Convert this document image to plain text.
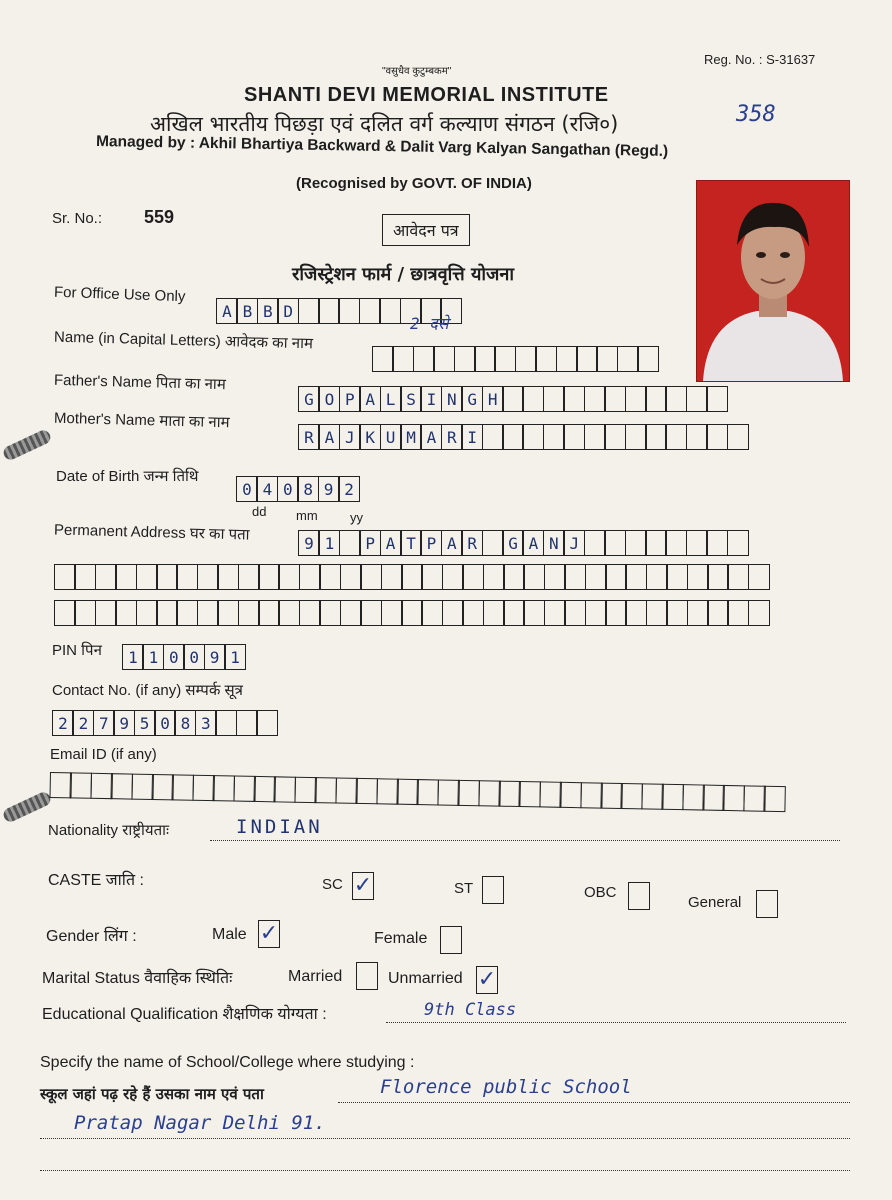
Reg. No. : S-31637
"वसुधैव कुटुम्बकम"
SHANTI DEVI MEMORIAL INSTITUTE
अखिल भारतीय पिछड़ा एवं दलित वर्ग कल्याण संगठन (रजि०)	358
Managed by : Akhil Bhartiya Backward & Dalit Varg Kalyan Sangathan (Regd.)
(Recognised by GOVT. OF INDIA)
Sr. No.: 559
आवेदन पत्र
रजिस्ट्रेशन फार्म / छात्रवृत्ति योजना
For Office Use Only
A B B D
2 दसे
Name (in Capital Letters) आवेदक का नाम
Father's Name पिता का नाम
G O P A L S I N G H
Mother's Name माता का नाम
R A J K U M A R I
Date of Birth जन्म तिथि
0 4 0 8 9 2
dd mm yy
Permanent Address घर का पता	9 1	P A T P A R	G A N J
PIN पिन	1 1 0 0 9 1
Contact No. (if any) सम्पर्क सूत्र
2 2 7 9 5 0 8 3
Email ID (if any)
Nationality राष्ट्रीयताः	INDIAN
CASTE जाति :	SC ✓	ST	OBC
General
Gender लिंग :	Male ✓	Female
Marital Status वैवाहिक स्थितिः	Married	Unmarried ✓
Educational Qualification शैक्षणिक योग्यता :	9th Class
Specify the name of School/College where studying :
स्कूल जहां पढ़ रहे हैं उसका नाम एवं पता	Florence public School
Pratap Nagar Delhi 91.
